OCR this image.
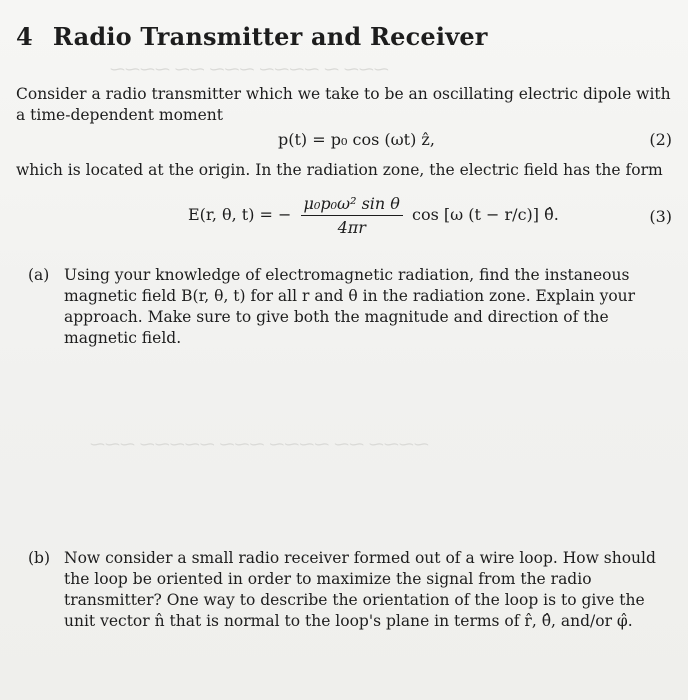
4 Radio Transmitter and Receiver
Consider a radio transmitter which we take to be an oscillating electric dipole with a time-dependent moment
p(t) = p₀ cos (ωt) ẑ,	(2)
which is located at the origin. In the radiation zone, the electric field has the form
E(r, θ, t) = − $\frac{\text{μ₀p₀ω² sin θ}}{4\pi r}$ cos [ω (t − r/c)] θ̂.	(3)
(a) Using your knowledge of electromagnetic radiation, find the instaneous magnetic field B(r, θ, t) for all r and θ in the radiation zone. Explain your approach. Make sure to give both the magnitude and direction of the magnetic field.
⁓⁓⁓ ⁓ ⁓⁓⁓⁓ ⁓⁓⁓ ⁓⁓ ⁓⁓⁓⁓
⁓⁓⁓⁓ ⁓⁓ ⁓⁓⁓⁓ ⁓⁓⁓ ⁓⁓⁓⁓⁓ ⁓⁓⁓
(b) Now consider a small radio receiver formed out of a wire loop. How should the loop be oriented in order to maximize the signal from the radio transmitter? One way to describe the orientation of the loop is to give the unit vector n̂ that is normal to the loop's plane in terms of r̂, θ̂, and/or φ̂.
